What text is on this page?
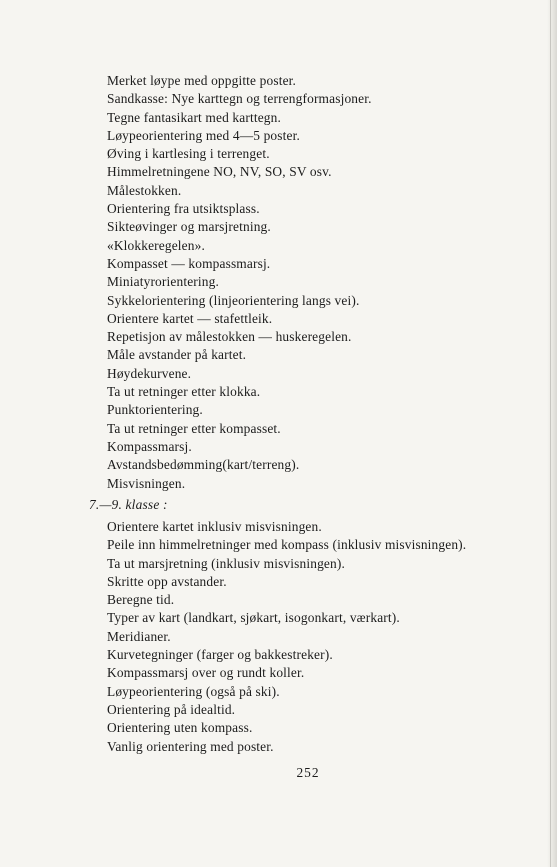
Merket løype med oppgitte poster.
Sandkasse: Nye karttegn og terrengformasjoner.
Tegne fantasikart med karttegn.
Løypeorientering med 4—5 poster.
Øving i kartlesing i terrenget.
Himmelretningene NO, NV, SO, SV osv.
Målestokken.
Orientering fra utsiktsplass.
Sikteøvinger og marsjretning.
«Klokkeregelen».
Kompasset — kompassmarsj.
Miniatyrorientering.
Sykkelorientering (linjeorientering langs vei).
Orientere kartet — stafettleik.
Repetisjon av målestokken — huskeregelen.
Måle avstander på kartet.
Høydekurvene.
Ta ut retninger etter klokka.
Punktorientering.
Ta ut retninger etter kompasset.
Kompassmarsj.
Avstandsbedømming(kart/terreng).
Misvisningen.
7.—9. klasse :
Orientere kartet inklusiv misvisningen.
Peile inn himmelretninger med kompass (inklusiv misvisningen).
Ta ut marsjretning (inklusiv misvisningen).
Skritte opp avstander.
Beregne tid.
Typer av kart (landkart, sjøkart, isogonkart, værkart).
Meridianer.
Kurvetegninger (farger og bakkestreker).
Kompassmarsj over og rundt koller.
Løypeorientering (også på ski).
Orientering på idealtid.
Orientering uten kompass.
Vanlig orientering med poster.
252
